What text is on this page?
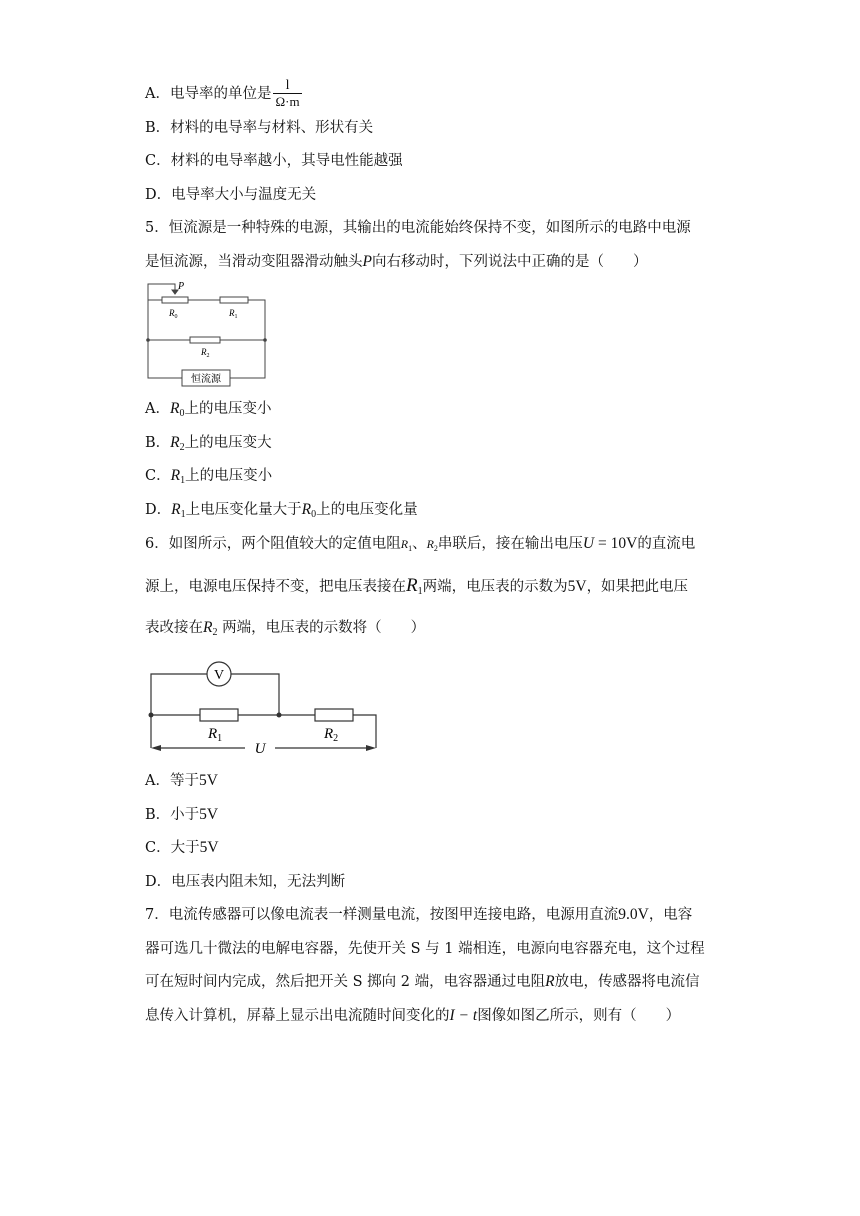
A．电导率的单位是 $\frac{l}{\Omega\cdot m}$
B．材料的电导率与材料、形状有关
C．材料的电导率越小，其导电性能越强
D．电导率大小与温度无关
5．恒流源是一种特殊的电源，其输出的电流能始终保持不变，如图所示的电路中电源
是恒流源，当滑动变阻器滑动触头P向右移动时，下列说法中正确的是（　　）
P
$R_0$	$R_1$
$R_2$
恒流源
A．$R_0$上的电压变小
B．$R_2$上的电压变大
C．$R_1$上的电压变小
D．$R_1$上电压变化量大于$R_0$上的电压变化量
6．如图所示，两个阻值较大的定值电阻$R_1$、$R_2$串联后，接在输出电压U = 10V的直流电
源上，电源电压保持不变，把电压表接在$R_1$两端，电压表的示数为5V，如果把此电压
表改接在$R_2$ 两端，电压表的示数将（　　）
V
$R_1$	$R_2$
U
A．等于5V
B．小于5V
C．大于5V
D．电压表内阻未知，无法判断
7．电流传感器可以像电流表一样测量电流，按图甲连接电路，电源用直流9.0V，电容
器可选几十微法的电解电容器，先使开关 S 与 1 端相连，电源向电容器充电，这个过程
可在短时间内完成，然后把开关 S 掷向 2 端，电容器通过电阻R放电，传感器将电流信
息传入计算机，屏幕上显示出电流随时间变化的I − t图像如图乙所示，则有（　　）
